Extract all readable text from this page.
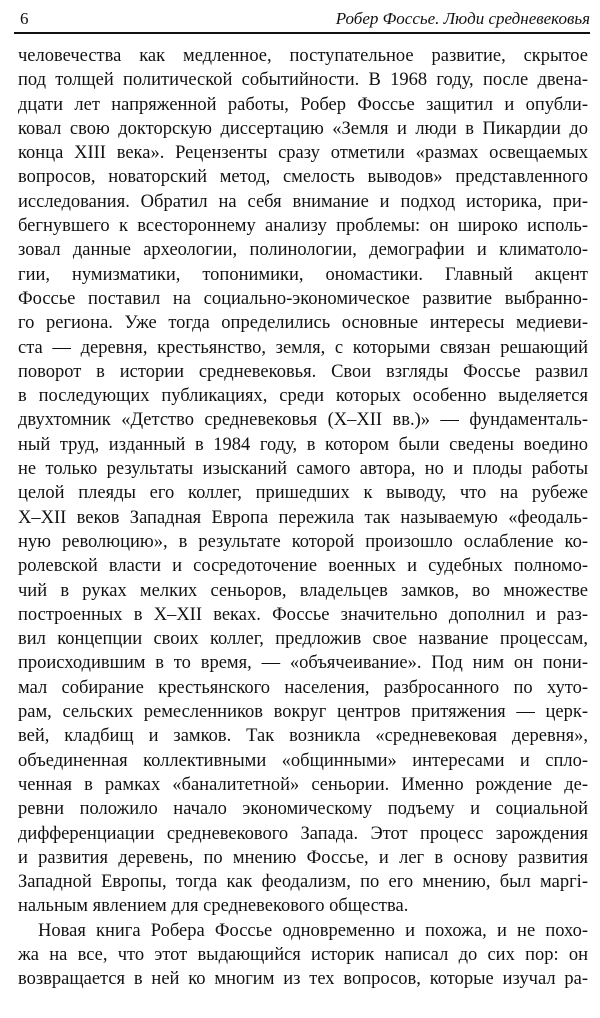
6	Робер Фоссье. Люди средневековья
человечества как медленное, поступательное развитие, скрытое
под толщей политической событийности. В 1968 году, после двена-
дцати лет напряженной работы, Робер Фоссье защитил и опубли-
ковал свою докторскую диссертацию «Земля и люди в Пикардии до
конца XIII века». Рецензенты сразу отметили «размах освещаемых
вопросов, новаторский метод, смелость выводов» представленного
исследования. Обратил на себя внимание и подход историка, при-
бегнувшего к всестороннему анализу проблемы: он широко исполь-
зовал данные археологии, полинологии, демографии и климатоло-
гии, нумизматики, топонимики, ономастики. Главный акцент
Фоссье поставил на социально-экономическое развитие выбранно-
го региона. Уже тогда определились основные интересы медиеви-
ста — деревня, крестьянство, земля, с которыми связан решающий
поворот в истории средневековья. Свои взгляды Фоссье развил
в последующих публикациях, среди которых особенно выделяется
двухтомник «Детство средневековья (X–XII вв.)» — фундаменталь-
ный труд, изданный в 1984 году, в котором были сведены воедино
не только результаты изысканий самого автора, но и плоды работы
целой плеяды его коллег, пришедших к выводу, что на рубеже
X–XII веков Западная Европа пережила так называемую «феодаль-
ную революцию», в результате которой произошло ослабление ко-
ролевской власти и сосредоточение военных и судебных полномо-
чий в руках мелких сеньоров, владельцев замков, во множестве
построенных в X–XII веках. Фоссье значительно дополнил и раз-
вил концепции своих коллег, предложив свое название процессам,
происходившим в то время, — «объячеивание». Под ним он пони-
мал собирание крестьянского населения, разбросанного по хуто-
рам, сельских ремесленников вокруг центров притяжения — церк-
вей, кладбищ и замков. Так возникла «средневековая деревня»,
объединенная коллективными «общинными» интересами и спло-
ченная в рамках «баналитетной» сеньории. Именно рождение де-
ревни положило начало экономическому подъему и социальной
дифференциации средневекового Запада. Этот процесс зарождения
и развития деревень, по мнению Фоссье, и лег в основу развития
Западной Европы, тогда как феодализм, по его мнению, был маргі-
нальным явлением для средневекового общества.
Новая книга Робера Фоссье одновременно и похожа, и не похо-
жа на все, что этот выдающийся историк написал до сих пор: он
возвращается в ней ко многим из тех вопросов, которые изучал ра-
